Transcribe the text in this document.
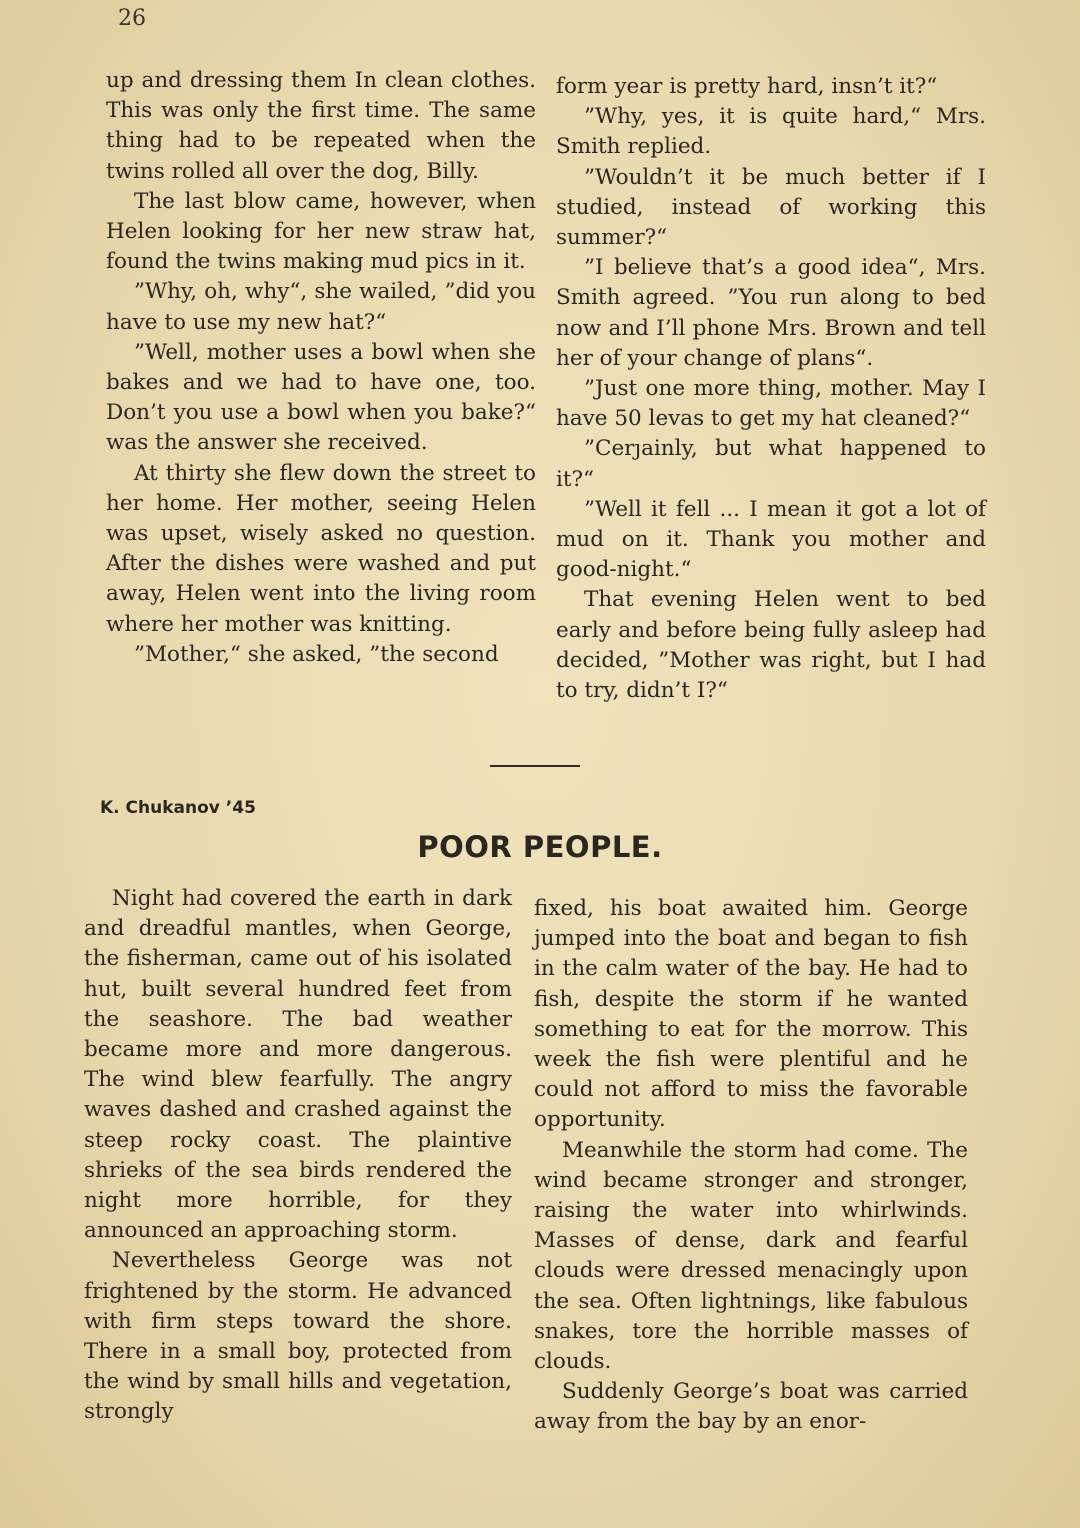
26

up and dressing them In clean clothes. This was only the first time. The same thing had to be repeated when the twins rolled all over the dog, Billy.

The last blow came, however, when Helen looking for her new straw hat, found the twins making mud pics in it.

”Why, oh, why“, she wailed, ”did you have to use my new hat?“

”Well, mother uses a bowl when she bakes and we had to have one, too. Don’t you use a bowl when you bake?“ was the answer she received.

At thirty she flew down the street to her home. Her mother, seeing Helen was upset, wisely asked no question. After the dishes were washed and put away, Helen went into the living room where her mother was knitting.

”Mother,“ she asked, ”the second

form year is pretty hard, insn’t it?“

”Why, yes, it is quite hard,“ Mrs. Smith replied.

”Wouldn’t it be much better if I studied, instead of working this summer?“

”I believe that’s a good idea“, Mrs. Smith agreed. ”You run along to bed now and I’ll phone Mrs. Brown and tell her of your change of plans“.

”Just one more thing, mother. May I have 50 levas to get my hat cleaned?“

”Cerȷainly, but what happened to it?“

”Well it fell ... I mean it got a lot of mud on it. Thank you mother and good-night.“

That evening Helen went to bed early and before being fully asleep had decided, ”Mother was right, but I had to try, didn’t I?“

K. Chukanov ’45
POOR PEOPLE.

Night had covered the earth in dark and dreadful mantles, when George, the fisherman, came out of his isolated hut, built several hundred feet from the seashore. The bad weather became more and more dangerous. The wind blew fearfully. The angry waves dashed and crashed against the steep rocky coast. The plaintive shrieks of the sea birds rendered the night more horrible, for they announced an approaching storm.

Nevertheless George was not frightened by the storm. He advanced with firm steps toward the shore. There in a small boy, protected from the wind by small hills and vegetation, strongly

fixed, his boat awaited him. George jumped into the boat and began to fish in the calm water of the bay. He had to fish, despite the storm if he wanted something to eat for the morrow. This week the fish were plentiful and he could not afford to miss the favorable opportunity.

Meanwhile the storm had come. The wind became stronger and stronger, raising the water into whirlwinds. Masses of dense, dark and fearful clouds were dressed menacingly upon the sea. Often lightnings, like fabulous snakes, tore the horrible masses of clouds.

Suddenly George’s boat was carried away from the bay by an enor-
